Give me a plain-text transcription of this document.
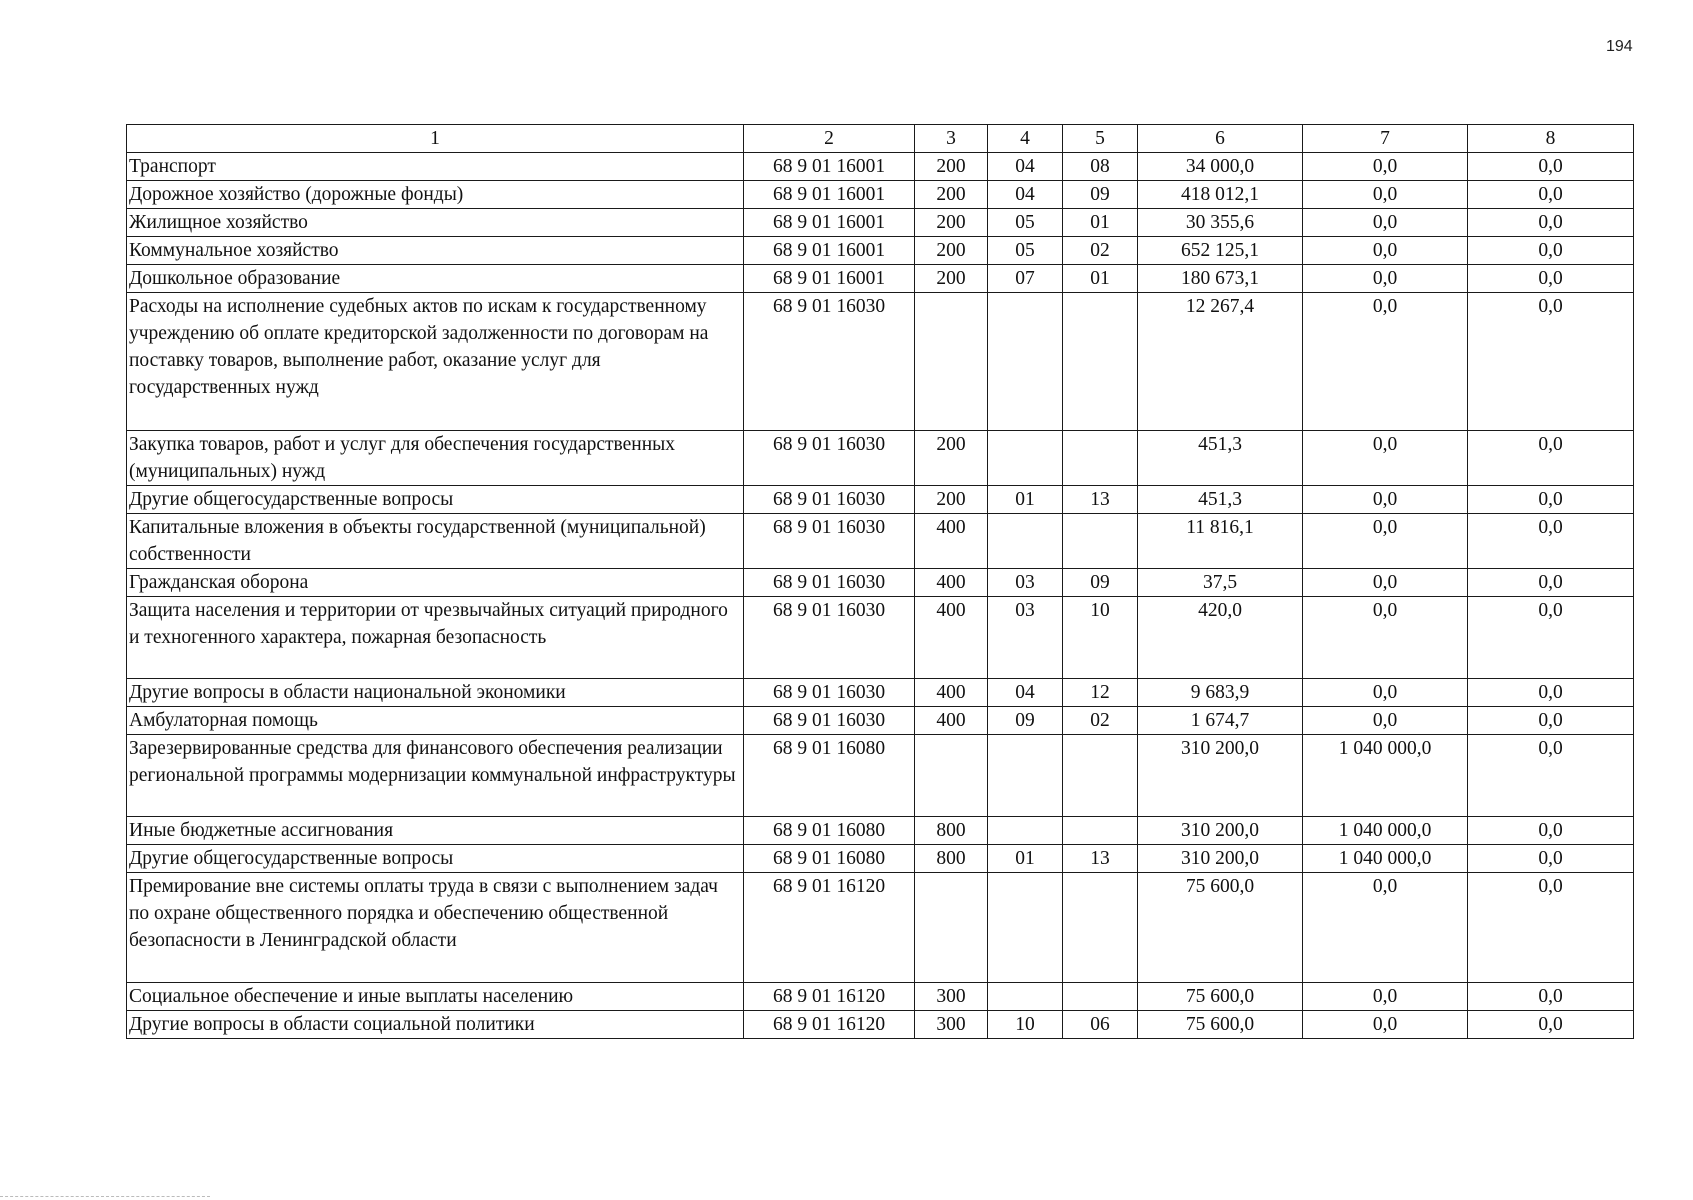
194
1	2	3	4	5	6	7	8
Транспорт	68 9 01 16001	200	04	08	34 000,0	0,0	0,0
Дорожное хозяйство (дорожные фонды)	68 9 01 16001	200	04	09	418 012,1	0,0	0,0
Жилищное хозяйство	68 9 01 16001	200	05	01	30 355,6	0,0	0,0
Коммунальное хозяйство	68 9 01 16001	200	05	02	652 125,1	0,0	0,0
Дошкольное образование	68 9 01 16001	200	07	01	180 673,1	0,0	0,0
Расходы на исполнение судебных актов по искам к государственному учреждению об оплате кредиторской задолженности по договорам на поставку товаров, выполнение работ, оказание услуг для государственных нужд	68 9 01 16030				12 267,4	0,0	0,0
Закупка товаров, работ и услуг для обеспечения государственных (муниципальных) нужд	68 9 01 16030	200			451,3	0,0	0,0
Другие общегосударственные вопросы	68 9 01 16030	200	01	13	451,3	0,0	0,0
Капитальные вложения в объекты государственной (муниципальной) собственности	68 9 01 16030	400			11 816,1	0,0	0,0
Гражданская оборона	68 9 01 16030	400	03	09	37,5	0,0	0,0
Защита населения и территории от чрезвычайных ситуаций природного и техногенного характера, пожарная безопасность	68 9 01 16030	400	03	10	420,0	0,0	0,0
Другие вопросы в области национальной экономики	68 9 01 16030	400	04	12	9 683,9	0,0	0,0
Амбулаторная помощь	68 9 01 16030	400	09	02	1 674,7	0,0	0,0
Зарезервированные средства для финансового обеспечения реализации региональной программы модернизации коммунальной инфраструктуры	68 9 01 16080				310 200,0	1 040 000,0	0,0
Иные бюджетные ассигнования	68 9 01 16080	800			310 200,0	1 040 000,0	0,0
Другие общегосударственные вопросы	68 9 01 16080	800	01	13	310 200,0	1 040 000,0	0,0
Премирование вне системы оплаты труда в связи с выполнением задач по охране общественного порядка и обеспечению общественной безопасности в Ленинградской области	68 9 01 16120				75 600,0	0,0	0,0
Социальное обеспечение и иные выплаты населению	68 9 01 16120	300			75 600,0	0,0	0,0
Другие вопросы в области социальной политики	68 9 01 16120	300	10	06	75 600,0	0,0	0,0
